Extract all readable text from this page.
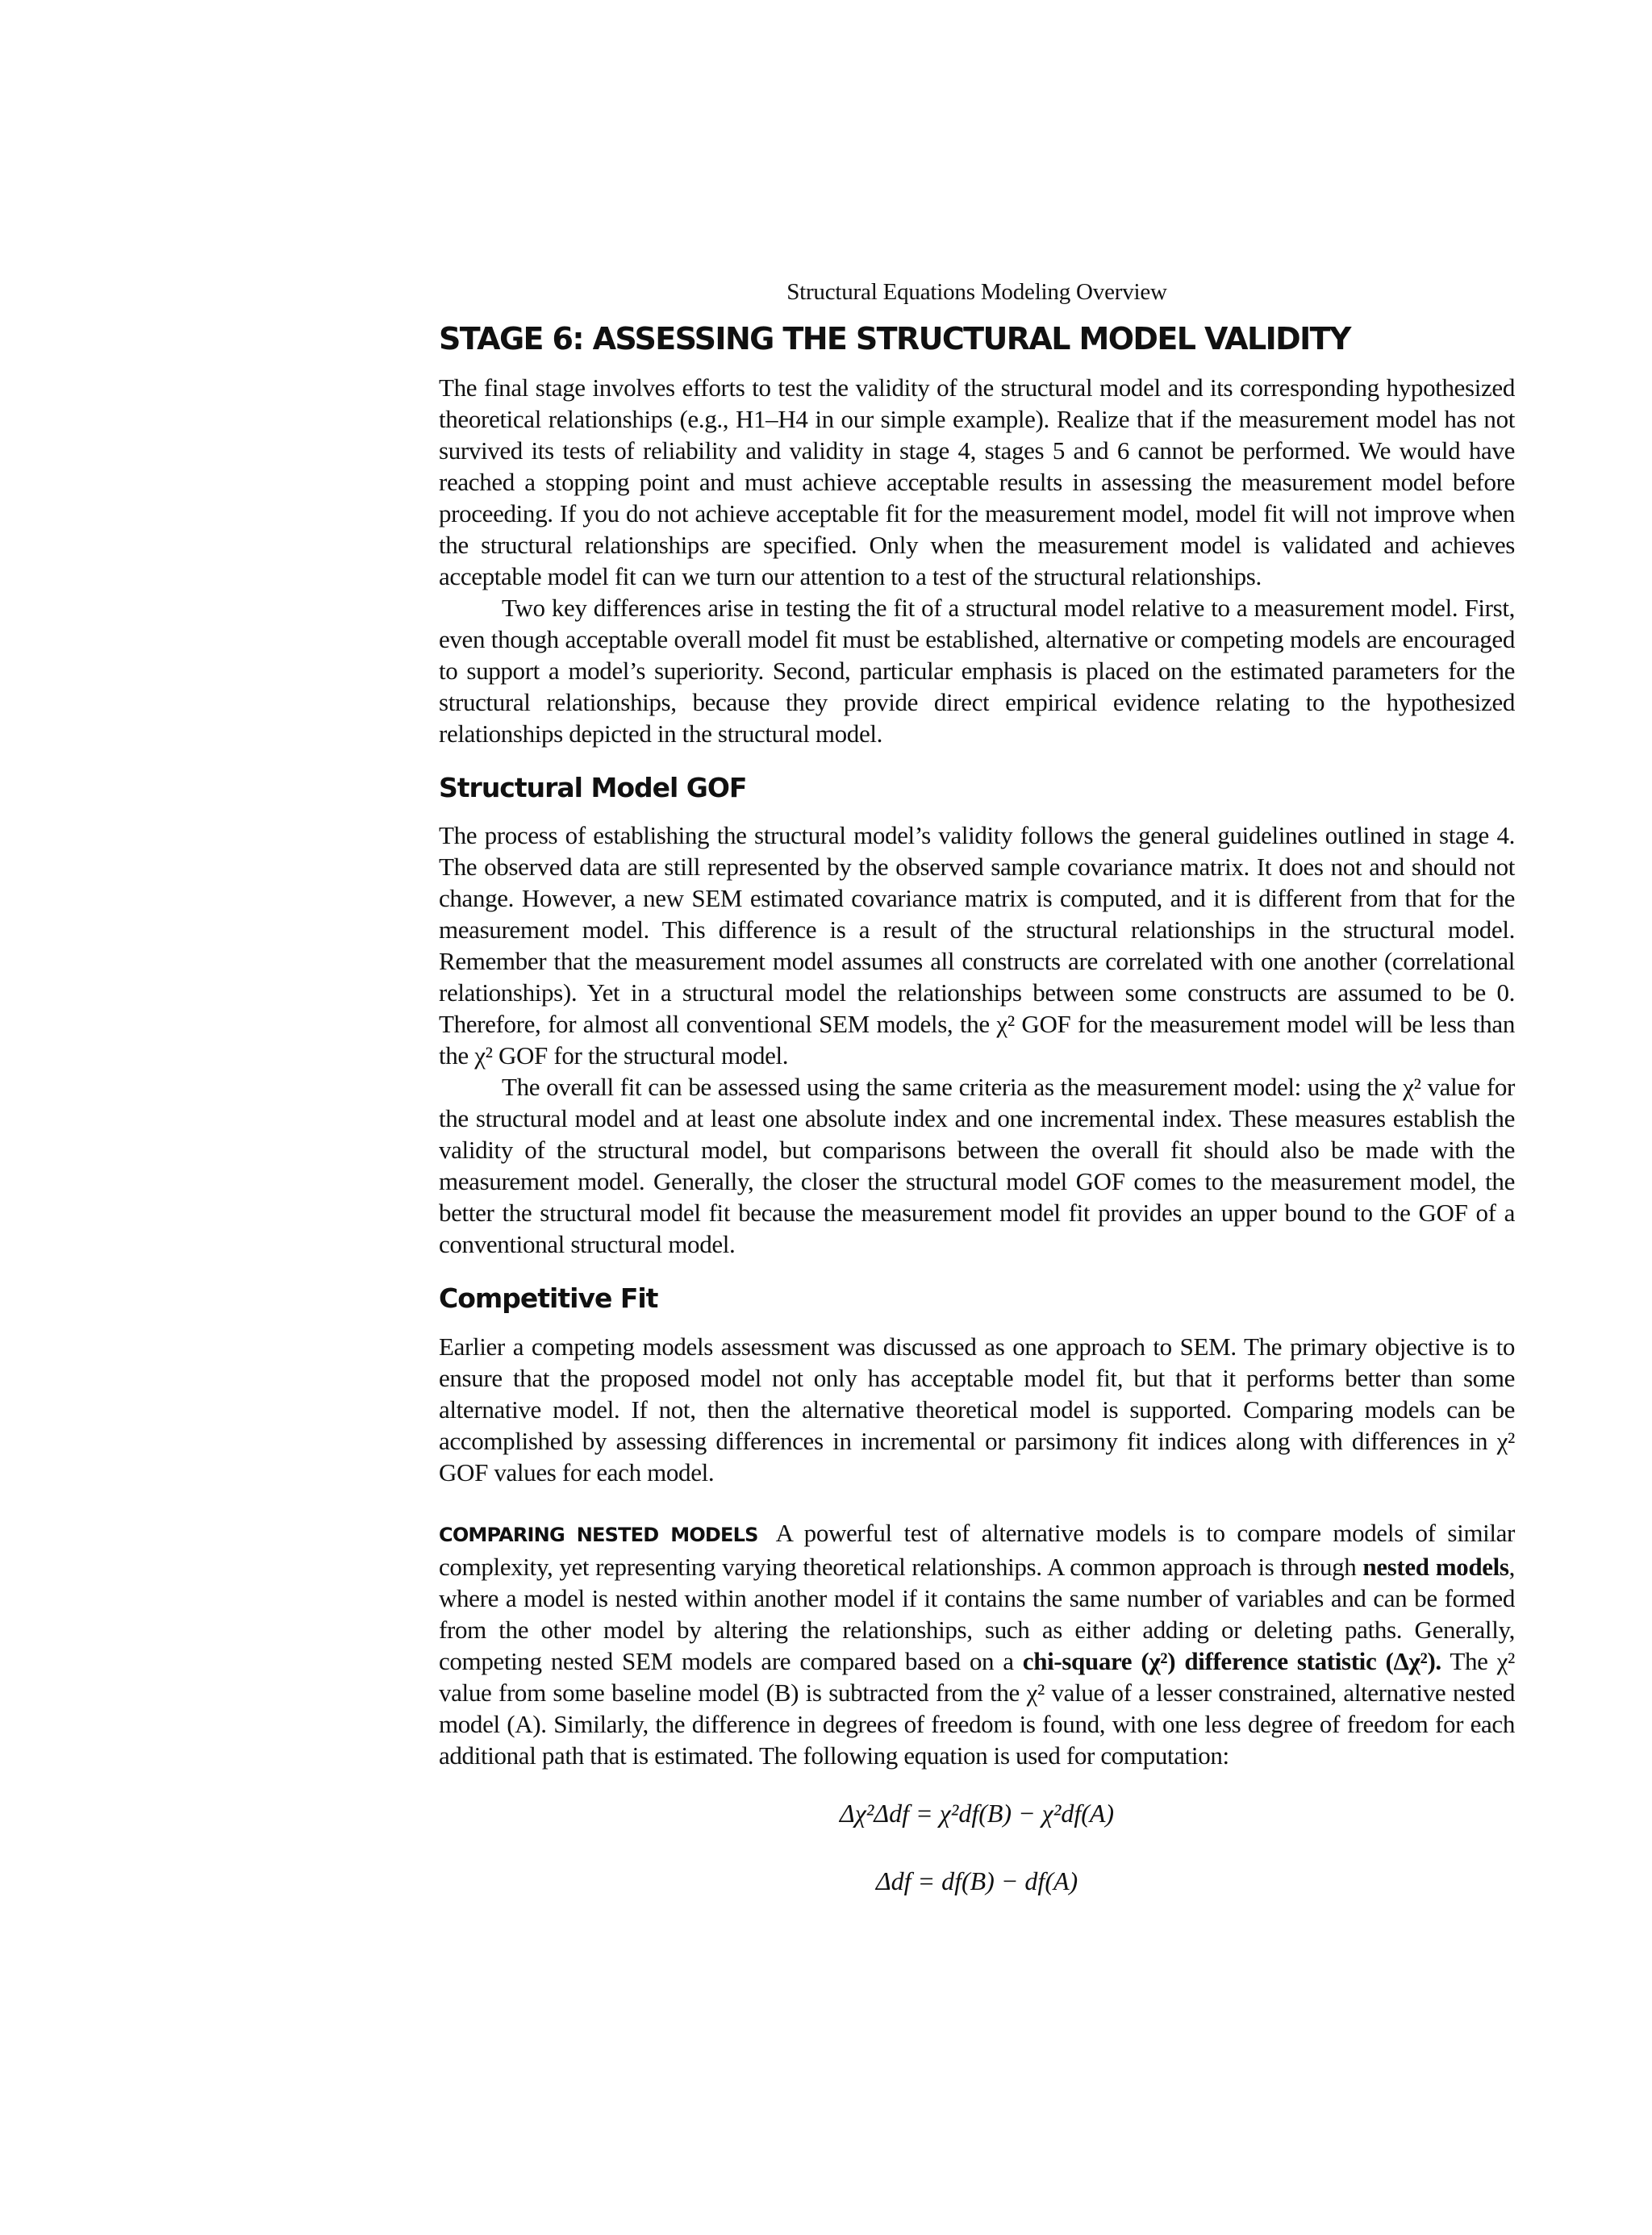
Structural Equations Modeling Overview
STAGE 6: ASSESSING THE STRUCTURAL MODEL VALIDITY

The final stage involves efforts to test the validity of the structural model and its corresponding hypothesized theoretical relationships (e.g., H1–H4 in our simple example). Realize that if the measurement model has not survived its tests of reliability and validity in stage 4, stages 5 and 6 cannot be performed. We would have reached a stopping point and must achieve acceptable results in assessing the measurement model before proceeding. If you do not achieve acceptable fit for the measurement model, model fit will not improve when the structural relationships are specified. Only when the measurement model is validated and achieves acceptable model fit can we turn our attention to a test of the structural relationships.

Two key differences arise in testing the fit of a structural model relative to a measurement model. First, even though acceptable overall model fit must be established, alternative or competing models are encouraged to support a model’s superiority. Second, particular emphasis is placed on the estimated parameters for the structural relationships, because they provide direct empirical evidence relating to the hypothesized relationships depicted in the structural model.

Structural Model GOF

The process of establishing the structural model’s validity follows the general guidelines outlined in stage 4. The observed data are still represented by the observed sample covariance matrix. It does not and should not change. However, a new SEM estimated covariance matrix is computed, and it is different from that for the measurement model. This difference is a result of the structural relationships in the structural model. Remember that the measurement model assumes all constructs are correlated with one another (correlational relationships). Yet in a structural model the relationships between some constructs are assumed to be 0. Therefore, for almost all conventional SEM models, the χ² GOF for the measurement model will be less than the χ² GOF for the structural model.

The overall fit can be assessed using the same criteria as the measurement model: using the χ² value for the structural model and at least one absolute index and one incremental index. These measures establish the validity of the structural model, but comparisons between the overall fit should also be made with the measurement model. Generally, the closer the structural model GOF comes to the measurement model, the better the structural model fit because the measurement model fit provides an upper bound to the GOF of a conventional structural model.

Competitive Fit

Earlier a competing models assessment was discussed as one approach to SEM. The primary objective is to ensure that the proposed model not only has acceptable model fit, but that it performs better than some alternative model. If not, then the alternative theoretical model is supported. Comparing models can be accomplished by assessing differences in incremental or parsimony fit indices along with differences in χ² GOF values for each model.

COMPARING NESTED MODELS A powerful test of alternative models is to compare models of similar complexity, yet representing varying theoretical relationships. A common approach is through nested models, where a model is nested within another model if it contains the same number of variables and can be formed from the other model by altering the relationships, such as either adding or deleting paths. Generally, competing nested SEM models are compared based on a chi-square (χ²) difference statistic (Δχ²). The χ² value from some baseline model (B) is subtracted from the χ² value of a lesser constrained, alternative nested model (A). Similarly, the difference in degrees of freedom is found, with one less degree of freedom for each additional path that is estimated. The following equation is used for computation:

Δχ²Δdf = χ²df(B) − χ²df(A)
Δdf = df(B) − df(A)
